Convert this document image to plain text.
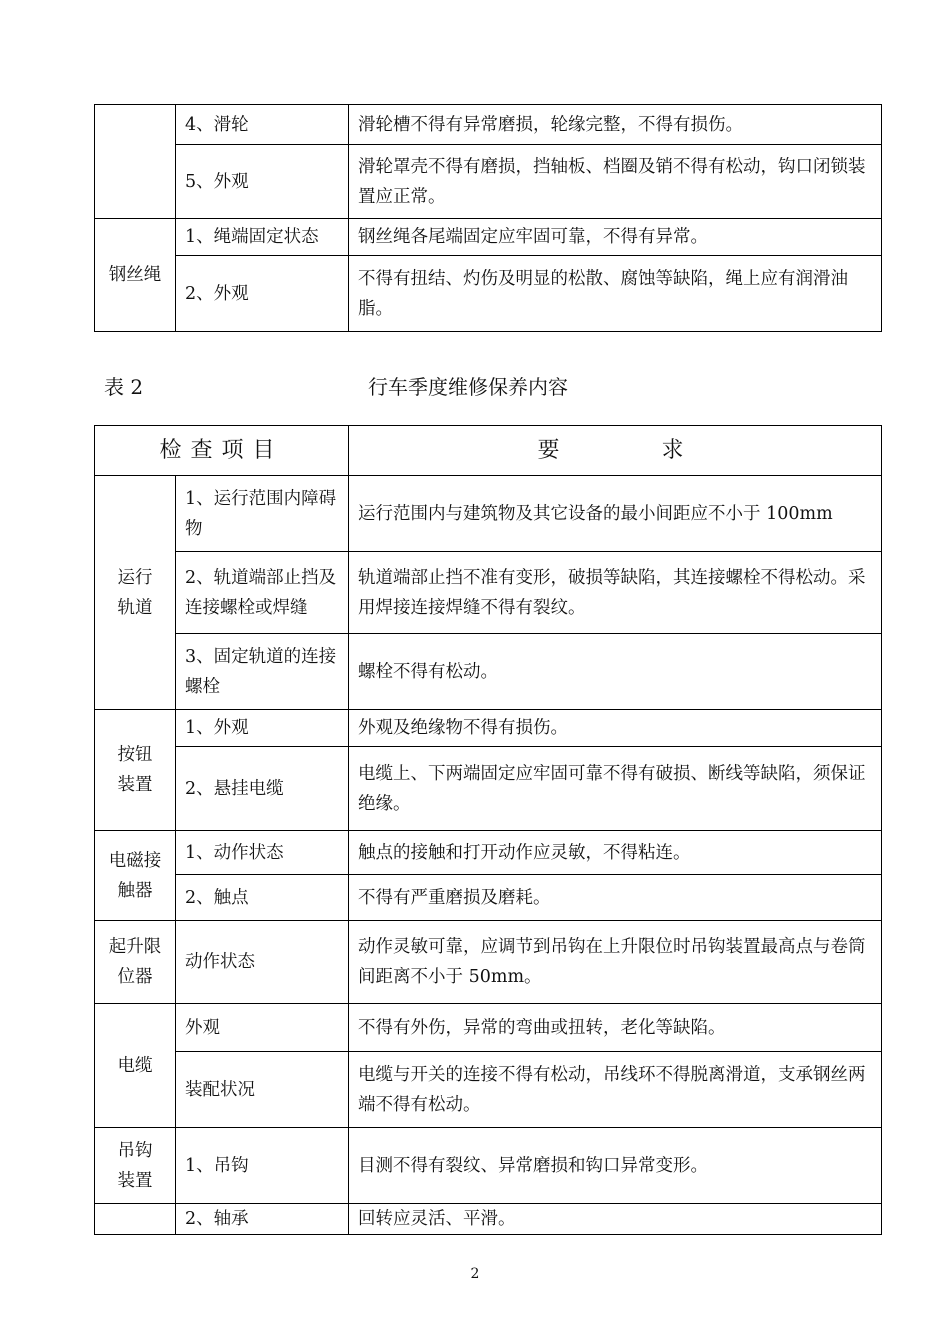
	4、滑轮	滑轮槽不得有异常磨损，轮缘完整，不得有损伤。
	5、外观	滑轮罩壳不得有磨损，挡轴板、档圈及销不得有松动，钩口闭锁装置应正常。
钢丝绳	1、绳端固定状态	钢丝绳各尾端固定应牢固可靠，不得有异常。
	2、外观	不得有扭结、灼伤及明显的松散、腐蚀等缺陷，绳上应有润滑油脂。
表 2	行车季度维修保养内容
检查项目		要　　　求
运行
轨道	1、运行范围内障碍物	运行范围内与建筑物及其它设备的最小间距应不小于 100mm
	2、轨道端部止挡及连接螺栓或焊缝	轨道端部止挡不准有变形，破损等缺陷，其连接螺栓不得松动。采用焊接连接焊缝不得有裂纹。
	3、固定轨道的连接螺栓	螺栓不得有松动。
按钮
装置	1、外观	外观及绝缘物不得有损伤。
	2、悬挂电缆	电缆上、下两端固定应牢固可靠不得有破损、断线等缺陷，须保证绝缘。
电磁接
触器	1、动作状态	触点的接触和打开动作应灵敏，不得粘连。
	2、触点	不得有严重磨损及磨耗。
起升限
位器	动作状态	动作灵敏可靠，应调节到吊钩在上升限位时吊钩装置最高点与卷筒间距离不小于 50mm。
电缆	外观	不得有外伤，异常的弯曲或扭转，老化等缺陷。
	装配状况	电缆与开关的连接不得有松动，吊线环不得脱离滑道，支承钢丝两端不得有松动。
吊钩
装置	1、吊钩	目测不得有裂纹、异常磨损和钩口异常变形。
	2、轴承	回转应灵活、平滑。
2
